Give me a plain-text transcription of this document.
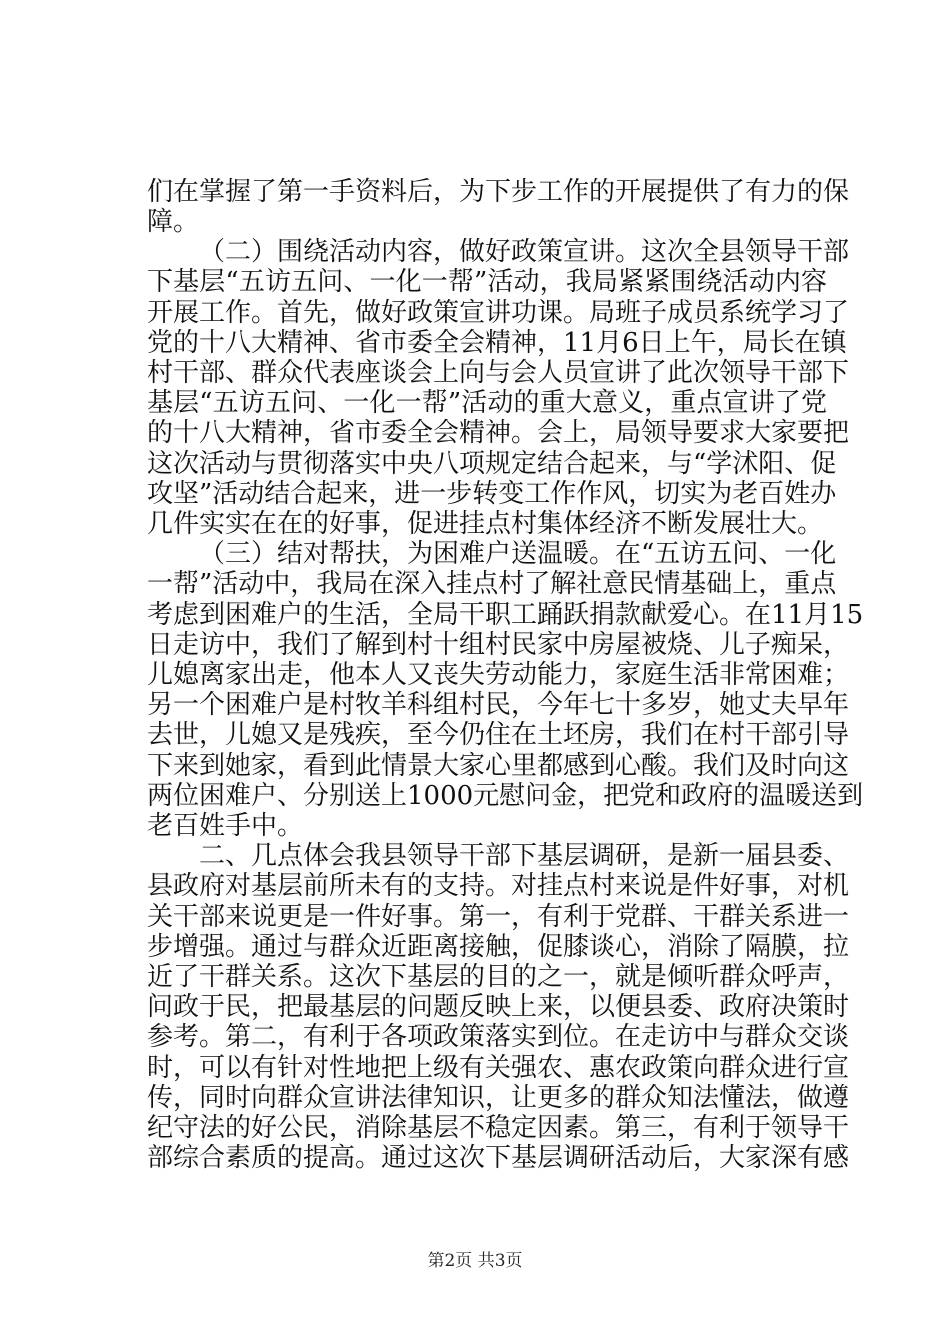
们在掌握了第一手资料后，为下步工作的开展提供了有力的保
障。
（二）围绕活动内容，做好政策宣讲。这次全县领导干部
下基层“五访五问、一化一帮”活动，我局紧紧围绕活动内容
开展工作。首先，做好政策宣讲功课。局班子成员系统学习了
党的十八大精神、省市委全会精神，11月6日上午，局长在镇
村干部、群众代表座谈会上向与会人员宣讲了此次领导干部下
基层“五访五问、一化一帮”活动的重大意义，重点宣讲了党
的十八大精神，省市委全会精神。会上，局领导要求大家要把
这次活动与贯彻落实中央八项规定结合起来，与“学沭阳、促
攻坚”活动结合起来，进一步转变工作作风，切实为老百姓办
几件实实在在的好事，促进挂点村集体经济不断发展壮大。
（三）结对帮扶，为困难户送温暖。在“五访五问、一化
一帮”活动中，我局在深入挂点村了解社意民情基础上，重点
考虑到困难户的生活，全局干职工踊跃捐款献爱心。在11月15
日走访中，我们了解到村十组村民家中房屋被烧、儿子痴呆，
儿媳离家出走，他本人又丧失劳动能力，家庭生活非常困难；
另一个困难户是村牧羊科组村民，今年七十多岁，她丈夫早年
去世，儿媳又是残疾，至今仍住在土坯房，我们在村干部引导
下来到她家，看到此情景大家心里都感到心酸。我们及时向这
两位困难户、分别送上1000元慰问金，把党和政府的温暖送到
老百姓手中。
二、几点体会我县领导干部下基层调研，是新一届县委、
县政府对基层前所未有的支持。对挂点村来说是件好事，对机
关干部来说更是一件好事。第一，有利于党群、干群关系进一
步增强。通过与群众近距离接触，促膝谈心，消除了隔膜，拉
近了干群关系。这次下基层的目的之一，就是倾听群众呼声，
问政于民，把最基层的问题反映上来，以便县委、政府决策时
参考。第二，有利于各项政策落实到位。在走访中与群众交谈
时，可以有针对性地把上级有关强农、惠农政策向群众进行宣
传，同时向群众宣讲法律知识，让更多的群众知法懂法，做遵
纪守法的好公民，消除基层不稳定因素。第三，有利于领导干
部综合素质的提高。通过这次下基层调研活动后，大家深有感
第2页 共3页
